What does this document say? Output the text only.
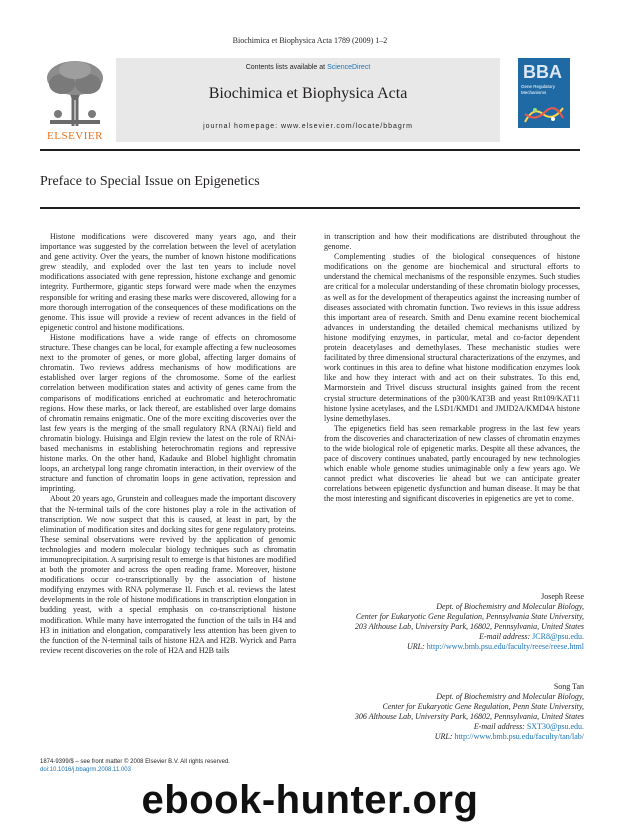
Biochimica et Biophysica Acta 1789 (2009) 1–2
ELSEVIER
Contents lists available at ScienceDirect
Biochimica et Biophysica Acta
journal homepage: www.elsevier.com/locate/bbagrm
BBA
Gene Regulatory Mechanisms
Preface to Special Issue on Epigenetics

Histone modifications were discovered many years ago, and their importance was suggested by the correlation between the level of acetylation and gene activity. Over the years, the number of known histone modifications grew steadily, and exploded over the last ten years to include novel modifications associated with gene repression, histone exchange and genomic integrity. Furthermore, gigantic steps forward were made when the enzymes responsible for writing and erasing these marks were discovered, allowing for a more thorough interrogation of the consequences of these modifications on the genome. This issue will provide a review of recent advances in the field of epigenetic control and histone modifications.

Histone modifications have a wide range of effects on chromosome structure. These changes can be local, for example affecting a few nucleosomes next to the promoter of genes, or more global, affecting larger domains of chromatin. Two reviews address mechanisms of how modifications are established over larger regions of the chromosome. Some of the earliest correlation between modification states and activity of genes came from the comparisons of modifications enriched at euchromatic and heterochromatic regions. How these marks, or lack thereof, are established over large domains of chromatin remains enigmatic. One of the more exciting discoveries over the last few years is the merging of the small regulatory RNA (RNAi) field and chromatin biology. Huisinga and Elgin review the latest on the role of RNAi-based mechanisms in establishing heterochromatin regions and repressive histone marks. On the other hand, Kadauke and Blobel highlight chromatin loops, an archetypal long range chromatin interaction, in their overview of the structure and function of chromatin loops in gene activation, repression and imprinting.

About 20 years ago, Grunstein and colleagues made the important discovery that the N-terminal tails of the core histones play a role in the activation of transcription. We now suspect that this is caused, at least in part, by the elimination of modification sites and docking sites for gene regulatory proteins. These seminal observations were revived by the application of genomic technologies and modern molecular biology techniques such as chromatin immunoprecipitation. A surprising result to emerge is that histones are modified at both the promoter and across the open reading frame. Moreover, histone modifications occur co-transcriptionally by the association of histone modifying enzymes with RNA polymerase II. Fusch et al. reviews the latest developments in the role of histone modifications in transcription elongation in budding yeast, with a special emphasis on co-transcriptional histone modification. While many have interrogated the function of the tails in H4 and H3 in initiation and elongation, comparatively less attention has been given to the function of the N-terminal tails of histone H2A and H2B. Wyrick and Parra review recent discoveries on the role of H2A and H2B tails

in transcription and how their modifications are distributed throughout the genome.

Complementing studies of the biological consequences of histone modifications on the genome are biochemical and structural efforts to understand the chemical mechanisms of the responsible enzymes. Such studies are critical for a molecular understanding of these chromatin biology processes, as well as for the development of therapeutics against the increasing number of diseases associated with chromatin function. Two reviews in this issue address this important area of research. Smith and Denu examine recent biochemical advances in understanding the detailed chemical mechanisms utilized by histone modifying enzymes, in particular, metal and co-factor dependent protein deacetylases and demethylases. These mechanistic studies were facilitated by three dimensional structural characterizations of the enzymes, and work continues in this area to define what histone modification enzymes look like and how they interact with and act on their substrates. To this end, Marmorstein and Trivel discuss structural insights gained from the recent crystal structure determinations of the p300/KAT3B and yeast Rtt109/KAT11 histone lysine acetylases, and the LSD1/KMD1 and JMJD2A/KMD4A histone lysine demethylases.

The epigenetics field has seen remarkable progress in the last few years from the discoveries and characterization of new classes of chromatin enzymes to the wide biological role of epigenetic marks. Despite all these advances, the pace of discovery continues unabated, partly encouraged by new technologies which enable whole genome studies unimaginable only a few years ago. We cannot predict what discoveries lie ahead but we can anticipate greater correlations between epigenetic dysfunction and human disease. It may be that the most interesting and significant discoveries in epigenetics are yet to come.

Joseph Reese
Dept. of Biochemistry and Molecular Biology,
Center for Eukaryotic Gene Regulation, Pennsylvania State University,
203 Althouse Lab, University Park, 16802, Pennsylvania, United States
E-mail address: JCR8@psu.edu.
URL: http://www.bmb.psu.edu/faculty/reese/reese.html
Song Tan
Dept. of Biochemistry and Molecular Biology,
Center for Eukaryotic Gene Regulation, Penn State University,
306 Althouse Lab, University Park, 16802, Pennsylvania, United States
E-mail address: SXT30@psu.edu.
URL: http://www.bmb.psu.edu/faculty/tan/lab/
1874-9399/$ – see front matter © 2008 Elsevier B.V. All rights reserved.
doi:10.1016/j.bbagrm.2008.11.003
ebook-hunter.org
